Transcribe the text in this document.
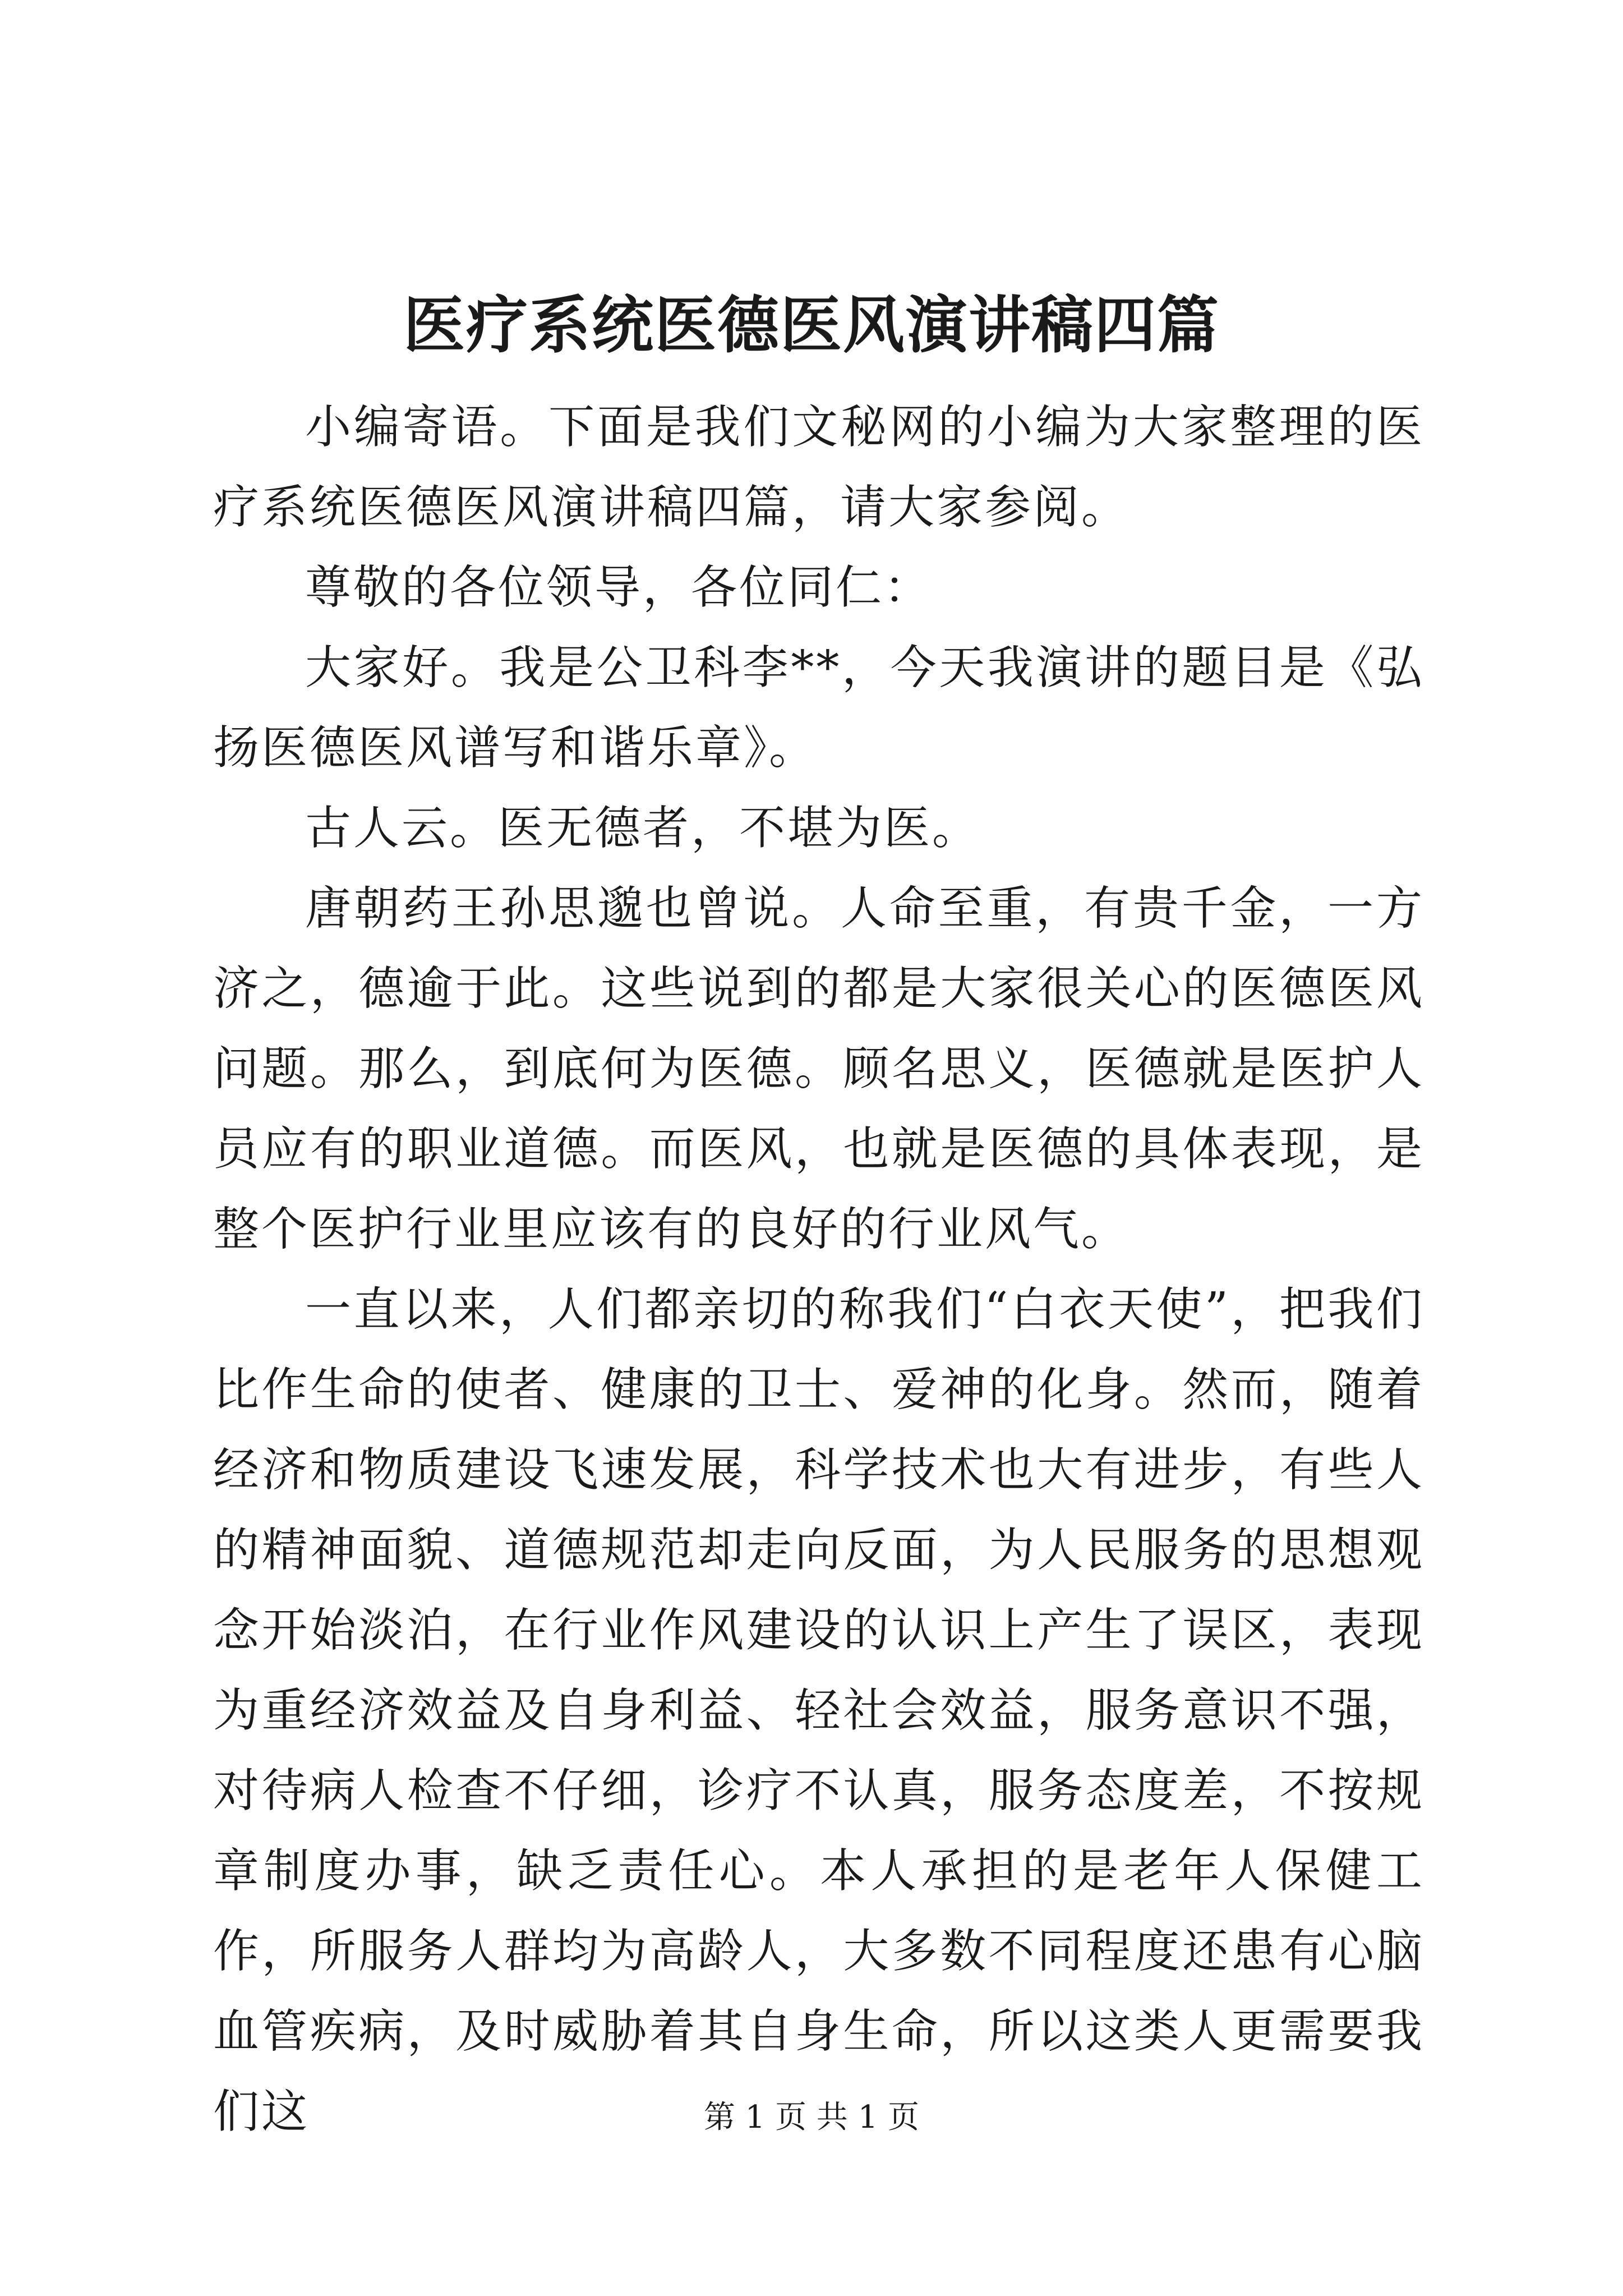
医疗系统医德医风演讲稿四篇

小编寄语。下面是我们文秘网的小编为大家整理的医疗系统医德医风演讲稿四篇，请大家参阅。

尊敬的各位领导，各位同仁：

大家好。我是公卫科李**，今天我演讲的题目是《弘扬医德医风谱写和谐乐章》。

古人云。医无德者，不堪为医。

唐朝药王孙思邈也曾说。人命至重，有贵千金，一方济之，德逾于此。这些说到的都是大家很关心的医德医风问题。那么，到底何为医德。顾名思义，医德就是医护人员应有的职业道德。而医风，也就是医德的具体表现，是整个医护行业里应该有的良好的行业风气。

一直以来，人们都亲切的称我们“白衣天使”，把我们比作生命的使者、健康的卫士、爱神的化身。然而，随着经济和物质建设飞速发展，科学技术也大有进步，有些人的精神面貌、道德规范却走向反面，为人民服务的思想观念开始淡泊，在行业作风建设的认识上产生了误区，表现为重经济效益及自身利益、轻社会效益，服务意识不强，对待病人检查不仔细，诊疗不认真，服务态度差，不按规章制度办事，缺乏责任心。本人承担的是老年人保健工作，所服务人群均为高龄人，大多数不同程度还患有心脑血管疾病，及时威胁着其自身生命，所以这类人更需要我们这	第 1 页 共 1 页
